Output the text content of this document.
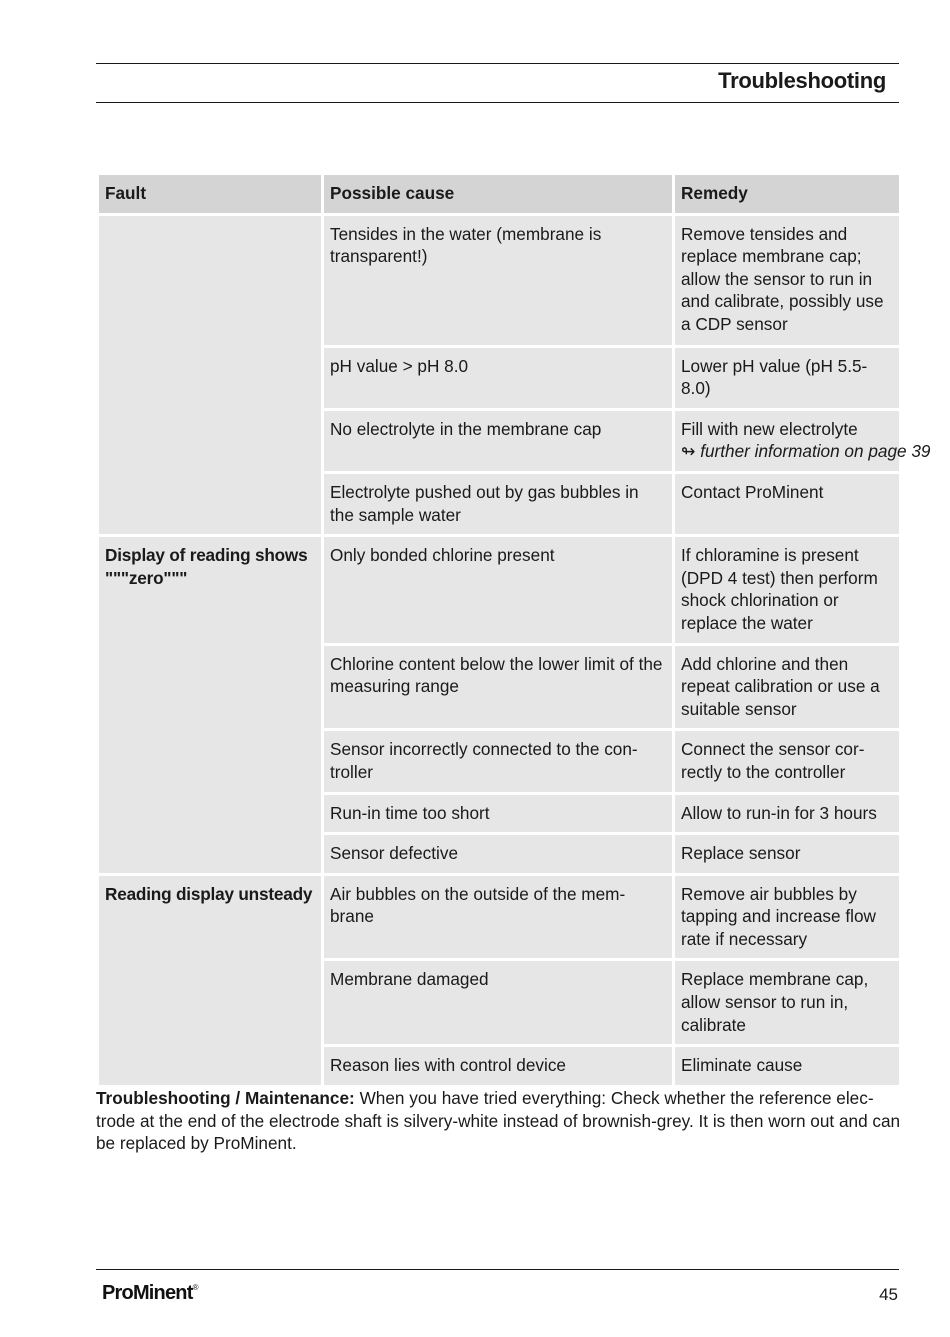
Troubleshooting
Fault	Possible cause	Remedy
	Tensides in the water (membrane is transparent!)	Remove tensides and replace membrane cap; allow the sensor to run in and calibrate, possibly use a CDP sensor
	pH value > pH 8.0	Lower pH value (pH 5.5-8.0)
	No electrolyte in the membrane cap	Fill with new electrolyte
↬ further information on page 39
	Electrolyte pushed out by gas bubbles in the sample water	Contact ProMinent
Display of reading shows """zero"""	Only bonded chlorine present	If chloramine is present (DPD 4 test) then perform shock chlorination or replace the water
	Chlorine content below the lower limit of the measuring range	Add chlorine and then repeat calibration or use a suitable sensor
	Sensor incorrectly connected to the con-troller	Connect the sensor cor-rectly to the controller
	Run-in time too short	Allow to run-in for 3 hours
	Sensor defective	Replace sensor
Reading display unsteady	Air bubbles on the outside of the mem-brane	Remove air bubbles by tapping and increase flow rate if necessary
	Membrane damaged	Replace membrane cap, allow sensor to run in, calibrate
	Reason lies with control device	Eliminate cause
Troubleshooting / Maintenance: When you have tried everything: Check whether the reference elec-trode at the end of the electrode shaft is silvery-white instead of brownish-grey. It is then worn out and can be replaced by ProMinent.
ProMinent®	45
